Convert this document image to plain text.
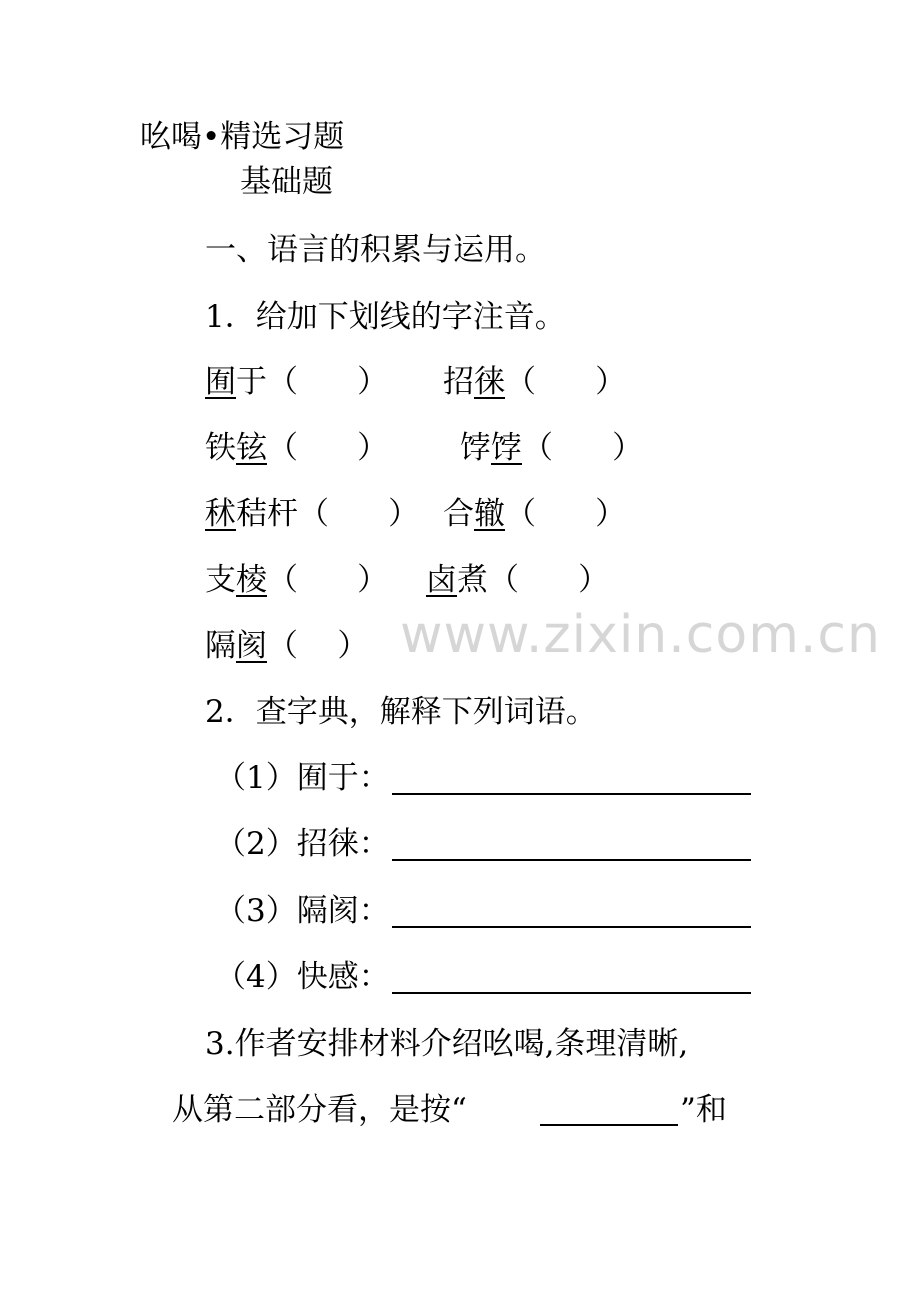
吆喝•精选习题
基础题
一、语言的积累与运用。
1．给加下划线的字注音。
囿于（      ） 招徕（      ）
铁铉（      ） 饽饽（      ）
秫秸杆（      ） 合辙（      ）
支棱（      ） 卤煮（      ）
隔阂（    ） www.zixin.com.cn
2．查字典，解释下列词语。
（1）囿于：
（2）招徕：
（3）隔阂：
（4）快感：
3.作者安排材料介绍吆喝,条理清晰,
从第二部分看，是按“	”和
